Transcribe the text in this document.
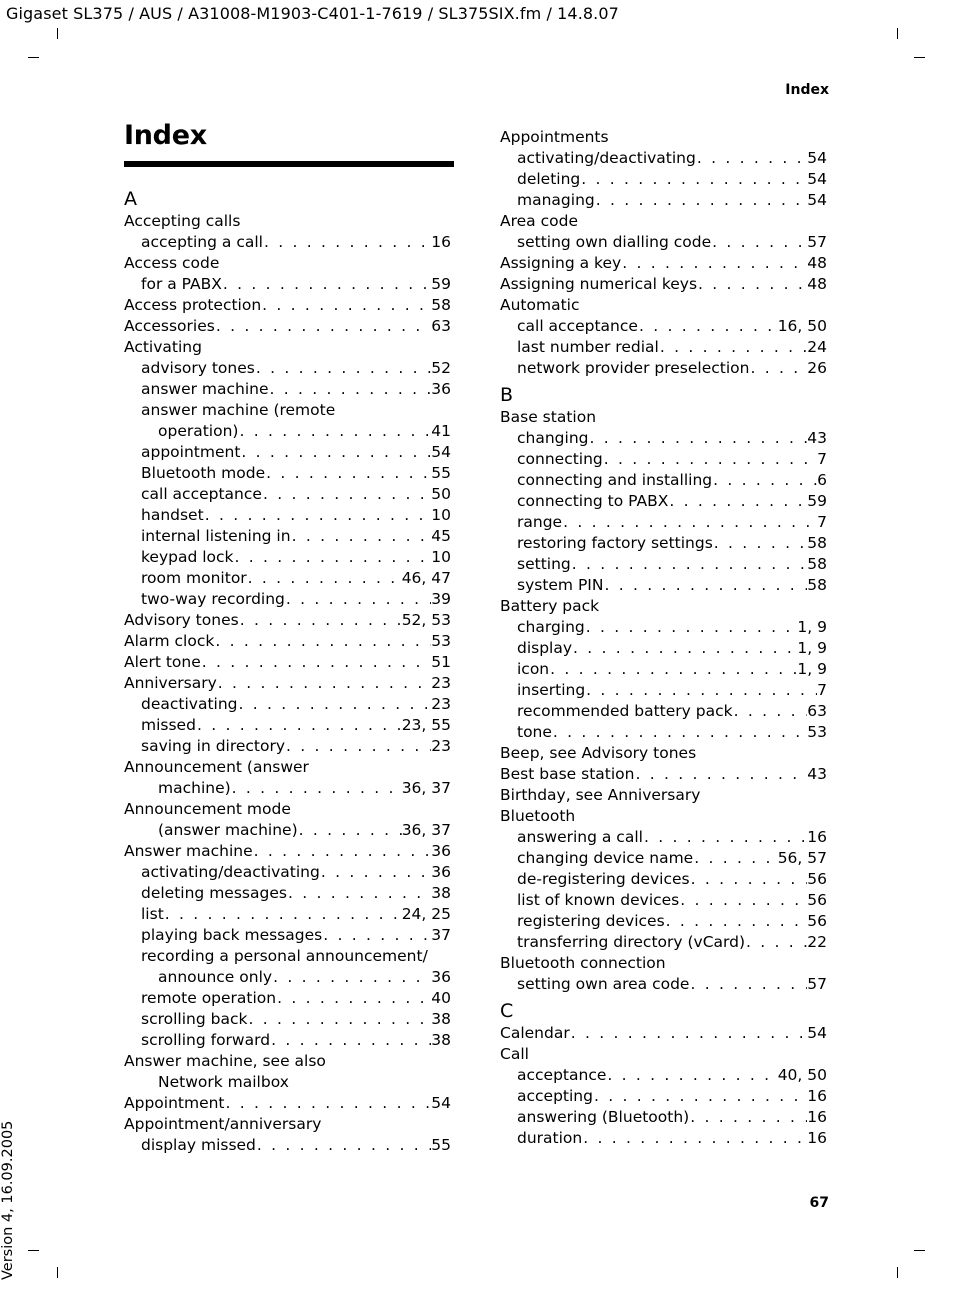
Gigaset SL375 / AUS / A31008-M1903-C401-1-7619 / SL375SIX.fm / 14.8.07
Version 4, 16.09.2005
Index
Index
A
Accepting calls
accepting a call . . .	16
Access code
for a PABX . . .	59
Access protection . . .	58
Accessories . . .	63
Activating
advisory tones . . .	52
answer machine . . .	36
answer machine (remote
operation) . . .	41
appointment . . .	54
Bluetooth mode . . .	55
call acceptance . . .	50
handset . . .	10
internal listening in . . .	45
keypad lock . . .	10
room monitor . . .	46, 47
two-way recording . . .	39
Advisory tones . . .	52, 53
Alarm clock . . .	53
Alert tone . . .	51
Anniversary . . .	23
deactivating . . .	23
missed . . .	23, 55
saving in directory . . .	23
Announcement (answer
machine) . . .	36, 37
Announcement mode
(answer machine) . . .	36, 37
Answer machine . . .	36
activating/deactivating . . .	36
deleting messages . . .	38
list . . .	24, 25
playing back messages . . .	37
recording a personal announcement/
announce only . . .	36
remote operation . . .	40
scrolling back . . .	38
scrolling forward . . .	38
Answer machine, see also
Network mailbox
Appointment . . .	54
Appointment/anniversary
display missed . . .	55
Appointments
activating/deactivating . . .	54
deleting . . .	54
managing . . .	54
Area code
setting own dialling code . . .	57
Assigning a key . . .	48
Assigning numerical keys . . .	48
Automatic
call acceptance . . .	16, 50
last number redial . . .	24
network provider preselection . . .	26
B
Base station
changing . . .	43
connecting . . .	7
connecting and installing . . .	6
connecting to PABX . . .	59
range . . .	7
restoring factory settings . . .	58
setting . . .	58
system PIN . . .	58
Battery pack
charging . . .	1, 9
display . . .	1, 9
icon . . .	1, 9
inserting . . .	7
recommended battery pack . . .	63
tone . . .	53
Beep, see Advisory tones
Best base station . . .	43
Birthday, see Anniversary
Bluetooth
answering a call . . .	16
changing device name . . .	56, 57
de-registering devices . . .	56
list of known devices . . .	56
registering devices . . .	56
transferring directory (vCard) . . .	22
Bluetooth connection
setting own area code . . .	57
C
Calendar . . .	54
Call
acceptance . . .	40, 50
accepting . . .	16
answering (Bluetooth) . . .	16
duration . . .	16
67
